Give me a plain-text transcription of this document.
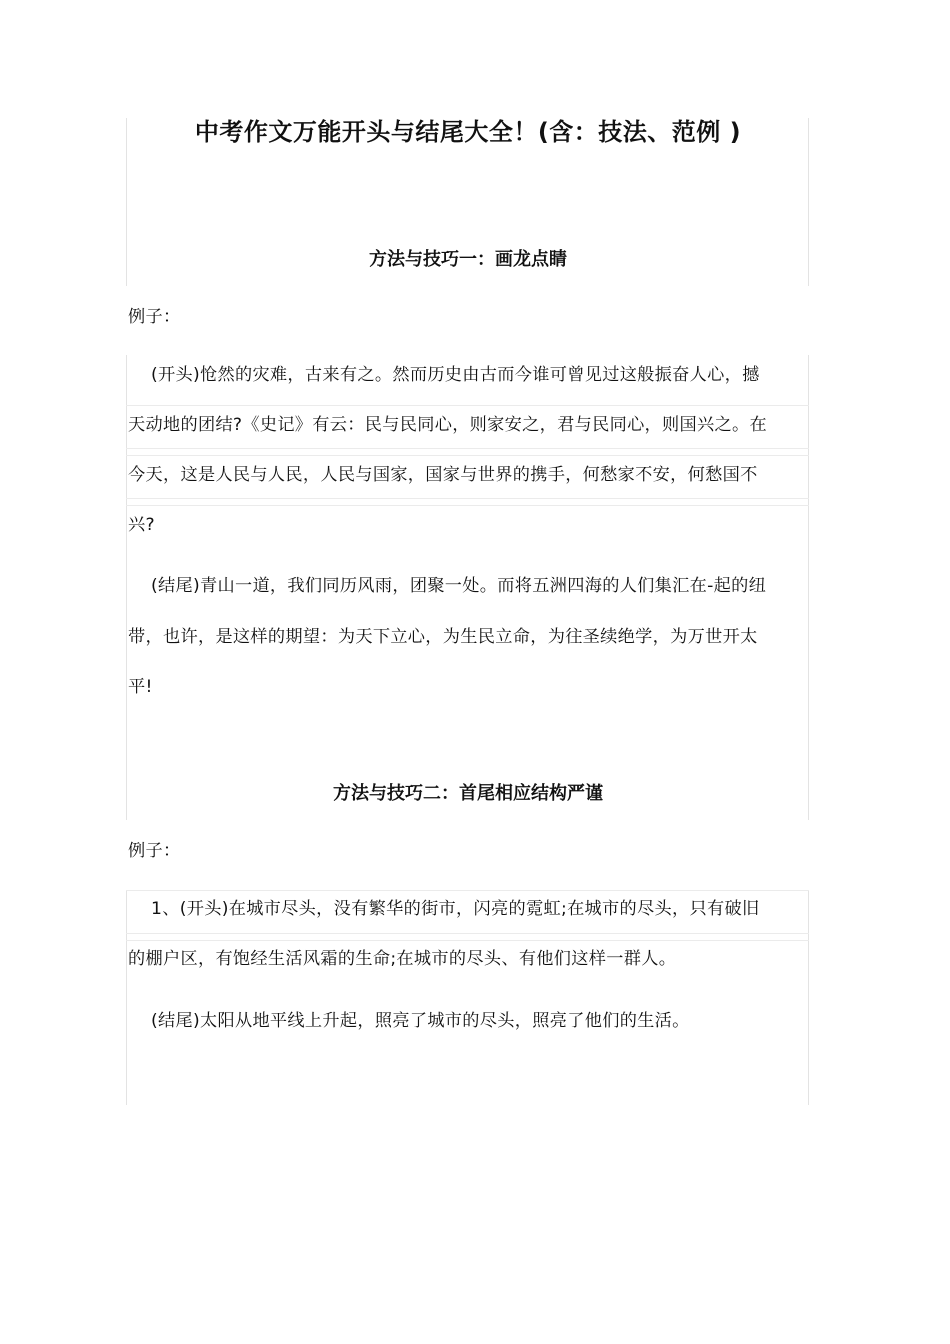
中考作文万能开头与结尾大全！(含：技法、范例 )
方法与技巧一：画龙点睛
例子：
(开头)怆然的灾难，古来有之。然而历史由古而今谁可曾见过这般振奋人心，撼
天动地的团结?《史记》有云：民与民同心，则家安之，君与民同心，则国兴之。在
今天，这是人民与人民，人民与国家，国家与世界的携手，何愁家不安，何愁国不
兴?
(结尾)青山一道，我们同历风雨，团聚一处。而将五洲四海的人们集汇在-起的纽
带，也许，是这样的期望：为天下立心，为生民立命，为往圣续绝学，为万世开太
平!
方法与技巧二：首尾相应结构严谨
例子：
1、(开头)在城市尽头，没有繁华的街市，闪亮的霓虹;在城市的尽头，只有破旧
的棚户区，有饱经生活风霜的生命;在城市的尽头、有他们这样一群人。
(结尾)太阳从地平线上升起，照亮了城市的尽头，照亮了他们的生活。
